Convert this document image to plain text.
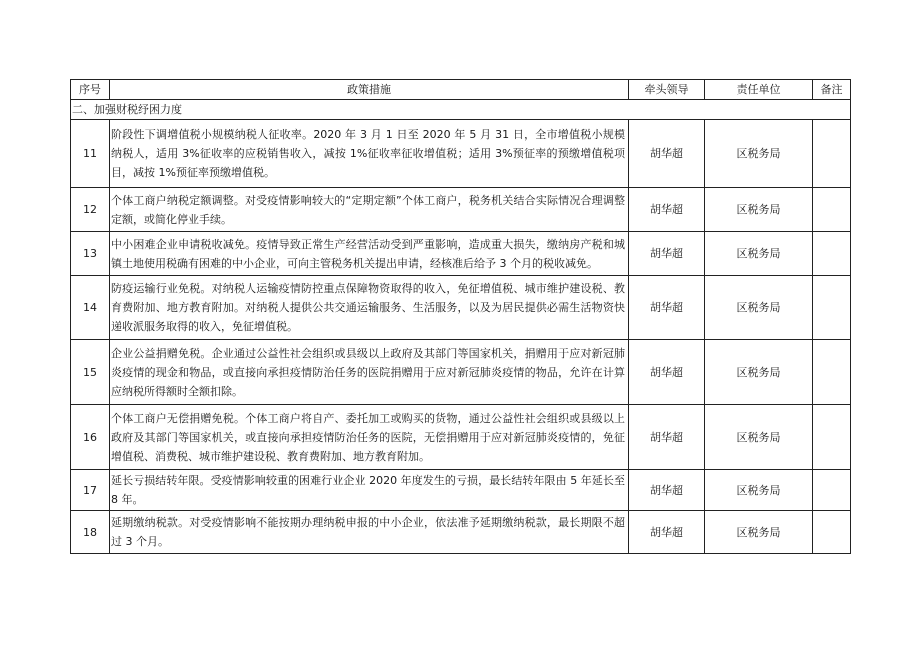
序号	政策措施	牵头领导	责任单位	备注
二、加强财税纾困力度				
11	阶段性下调增值税小规模纳税人征收率。2020 年 3 月 1 日至 2020 年 5 月 31 日，全市增值税小规模纳税人，适用 3%征收率的应税销售收入，减按 1%征收率征收增值税；适用 3%预征率的预缴增值税项目，减按 1%预征率预缴增值税。	胡华超	区税务局	
12	个体工商户纳税定额调整。对受疫情影响较大的“定期定额”个体工商户，税务机关结合实际情况合理调整定额，或简化停业手续。	胡华超	区税务局	
13	中小困难企业申请税收减免。疫情导致正常生产经营活动受到严重影响，造成重大损失，缴纳房产税和城镇土地使用税确有困难的中小企业，可向主管税务机关提出申请，经核准后给予 3 个月的税收减免。	胡华超	区税务局	
14	防疫运输行业免税。对纳税人运输疫情防控重点保障物资取得的收入，免征增值税、城市维护建设税、教育费附加、地方教育附加。对纳税人提供公共交通运输服务、生活服务，以及为居民提供必需生活物资快递收派服务取得的收入，免征增值税。	胡华超	区税务局	
15	企业公益捐赠免税。企业通过公益性社会组织或县级以上政府及其部门等国家机关，捐赠用于应对新冠肺炎疫情的现金和物品，或直接向承担疫情防治任务的医院捐赠用于应对新冠肺炎疫情的物品，允许在计算应纳税所得额时全额扣除。	胡华超	区税务局	
16	个体工商户无偿捐赠免税。个体工商户将自产、委托加工或购买的货物，通过公益性社会组织或县级以上政府及其部门等国家机关，或直接向承担疫情防治任务的医院，无偿捐赠用于应对新冠肺炎疫情的，免征增值税、消费税、城市维护建设税、教育费附加、地方教育附加。	胡华超	区税务局	
17	延长亏损结转年限。受疫情影响较重的困难行业企业 2020 年度发生的亏损，最长结转年限由 5 年延长至 8 年。	胡华超	区税务局	
18	延期缴纳税款。对受疫情影响不能按期办理纳税申报的中小企业，依法准予延期缴纳税款，最长期限不超过 3 个月。	胡华超	区税务局	
